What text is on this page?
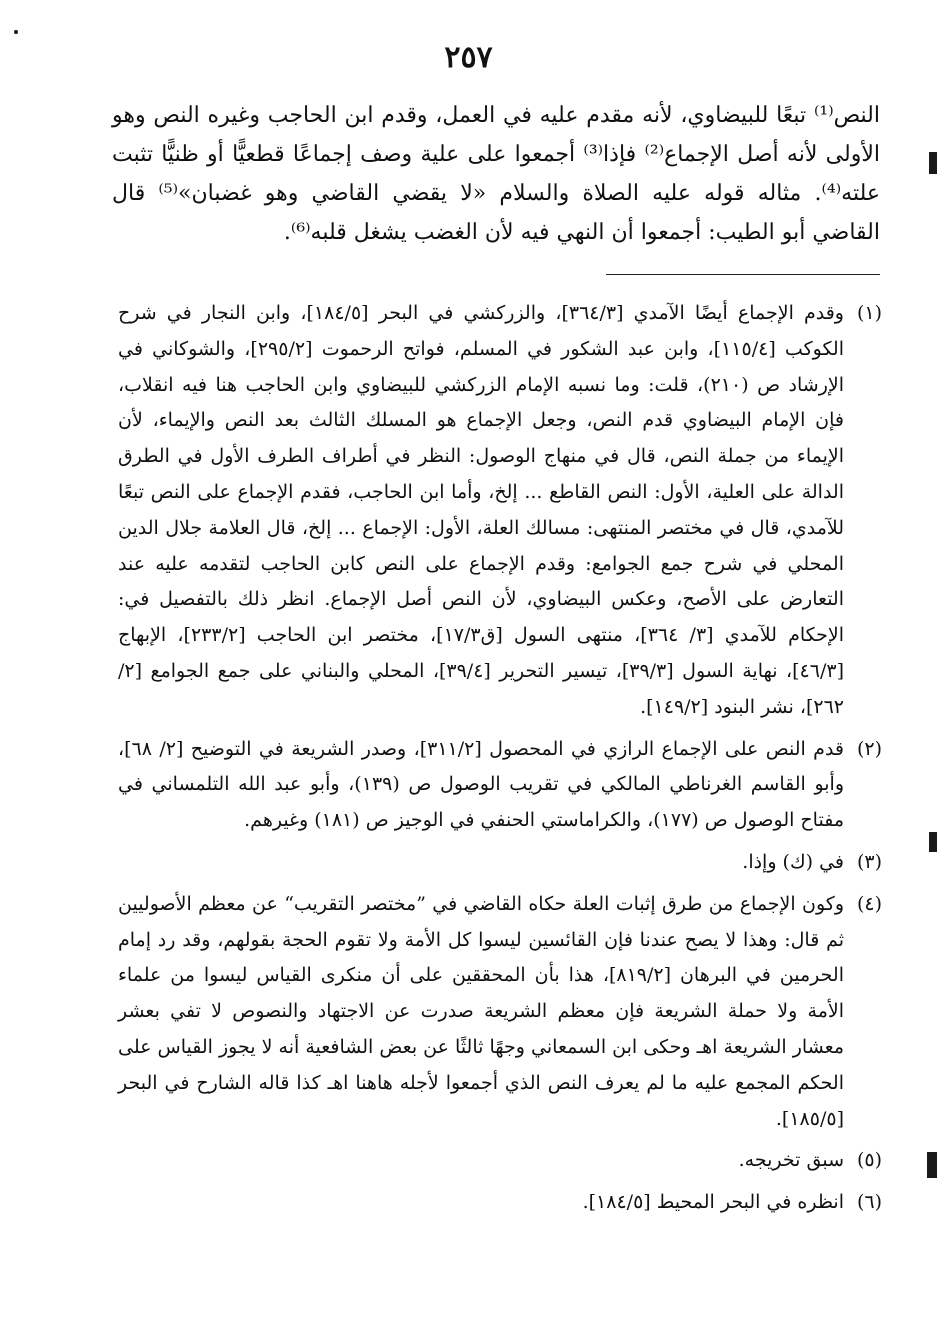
٢٥٧

النص⁽¹⁾ تبعًا للبيضاوي، لأنه مقدم عليه في العمل، وقدم ابن الحاجب وغيره النص وهو الأولى لأنه أصل الإجماع⁽²⁾ فإذا⁽³⁾ أجمعوا على علية وصف إجماعًا قطعيًّا أو ظنيًّا تثبت علته⁽⁴⁾. مثاله قوله عليه الصلاة والسلام «لا يقضي القاضي وهو غضبان»⁽⁵⁾ قال القاضي أبو الطيب: أجمعوا أن النهي فيه لأن الغضب يشغل قلبه⁽⁶⁾.

(١)
وقدم الإجماع أيضًا الآمدي [٣٦٤/٣]، والزركشي في البحر [١٨٤/٥]، وابن النجار في شرح الكوكب [١١٥/٤]، وابن عبد الشكور في المسلم، فواتح الرحموت [٢٩٥/٢]، والشوكاني في الإرشاد ص (٢١٠)، قلت: وما نسبه الإمام الزركشي للبيضاوي وابن الحاجب هنا فيه انقلاب، فإن الإمام البيضاوي قدم النص، وجعل الإجماع هو المسلك الثالث بعد النص والإيماء، لأن الإيماء من جملة النص، قال في منهاج الوصول: النظر في أطراف الطرف الأول في الطرق الدالة على العلية، الأول: النص القاطع ... إلخ، وأما ابن الحاجب، فقدم الإجماع على النص تبعًا للآمدي، قال في مختصر المنتهى: مسالك العلة، الأول: الإجماع ... إلخ، قال العلامة جلال الدين المحلي في شرح جمع الجوامع: وقدم الإجماع على النص كابن الحاجب لتقدمه عليه عند التعارض على الأصح، وعكس البيضاوي، لأن النص أصل الإجماع. انظر ذلك بالتفصيل في: الإحكام للآمدي [٣/ ٣٦٤]، منتهى السول [ق١٧/٣]، مختصر ابن الحاجب [٢٣٣/٢]، الإبهاج [٤٦/٣]، نهاية السول [٣٩/٣]، تيسير التحرير [٣٩/٤]، المحلي والبناني على جمع الجوامع [٢/ ٢٦٢]، نشر البنود [١٤٩/٢].
(٢)
قدم النص على الإجماع الرازي في المحصول [٣١١/٢]، وصدر الشريعة في التوضيح [٢/ ٦٨]، وأبو القاسم الغرناطي المالكي في تقريب الوصول ص (١٣٩)، وأبو عبد الله التلمساني في مفتاح الوصول ص (١٧٧)، والكراماستي الحنفي في الوجيز ص (١٨١) وغيرهم.
(٣)
في (ك) وإذا.
(٤)
وكون الإجماع من طرق إثبات العلة حكاه القاضي في ”مختصر التقريب“ عن معظم الأصوليين ثم قال: وهذا لا يصح عندنا فإن القائسين ليسوا كل الأمة ولا تقوم الحجة بقولهم، وقد رد إمام الحرمين في البرهان [٨١٩/٢]، هذا بأن المحققين على أن منكرى القياس ليسوا من علماء الأمة ولا حملة الشريعة فإن معظم الشريعة صدرت عن الاجتهاد والنصوص لا تفي بعشر معشار الشريعة اهـ وحكى ابن السمعاني وجهًا ثالثًا عن بعض الشافعية أنه لا يجوز القياس على الحكم المجمع عليه ما لم يعرف النص الذي أجمعوا لأجله هاهنا اهـ كذا قاله الشارح في البحر [١٨٥/٥].
(٥)
سبق تخريجه.
(٦)
انظره في البحر المحيط [١٨٤/٥].
